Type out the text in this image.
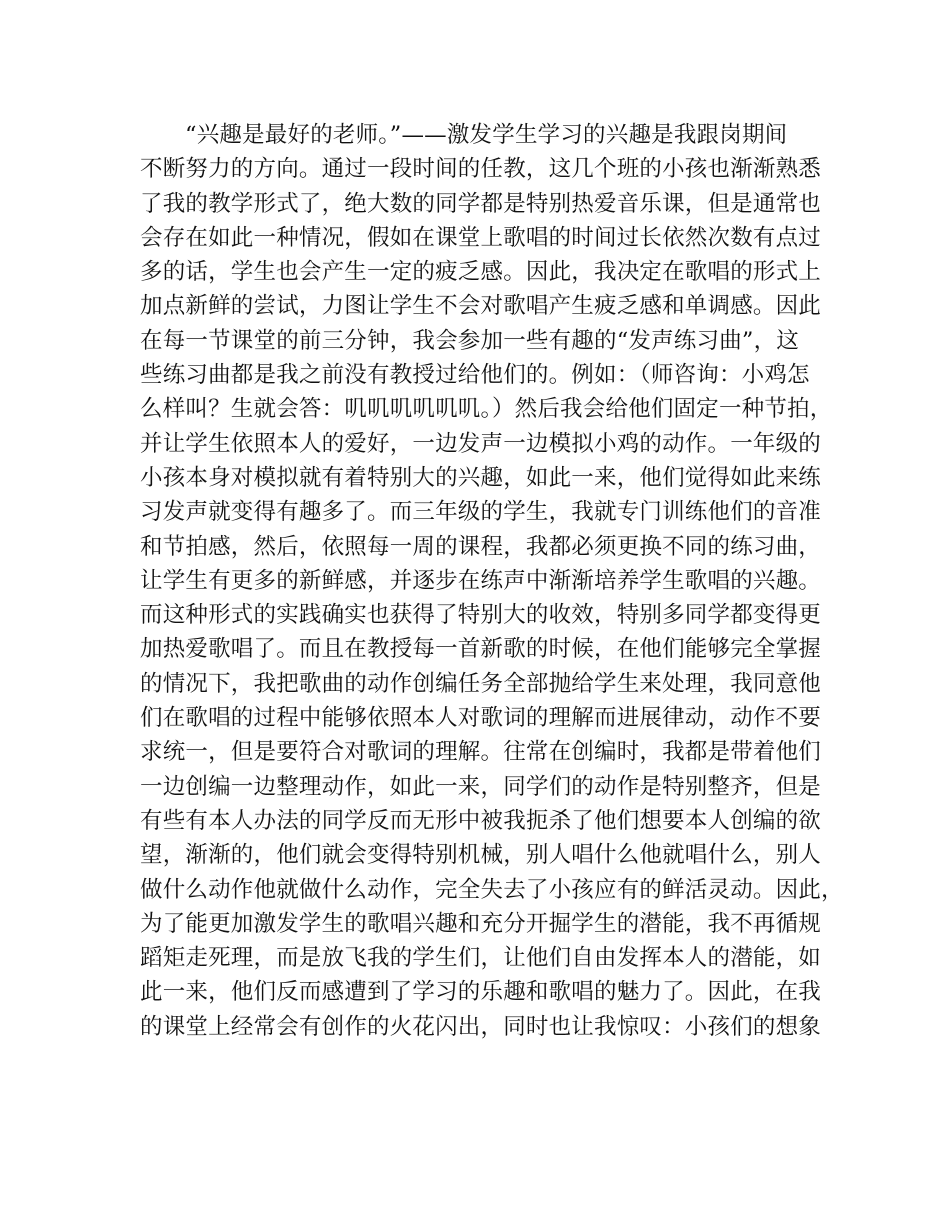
“兴趣是最好的老师。”——激发学生学习的兴趣是我跟岗期间
不断努力的方向。通过一段时间的任教，这几个班的小孩也渐渐熟悉
了我的教学形式了，绝大数的同学都是特别热爱音乐课，但是通常也
会存在如此一种情况，假如在课堂上歌唱的时间过长依然次数有点过
多的话，学生也会产生一定的疲乏感。因此，我决定在歌唱的形式上
加点新鲜的尝试，力图让学生不会对歌唱产生疲乏感和单调感。因此
在每一节课堂的前三分钟，我会参加一些有趣的“发声练习曲”，这
些练习曲都是我之前没有教授过给他们的。例如：（师咨询：小鸡怎
么样叫？生就会答：叽叽叽叽叽叽。）然后我会给他们固定一种节拍，
并让学生依照本人的爱好，一边发声一边模拟小鸡的动作。一年级的
小孩本身对模拟就有着特别大的兴趣，如此一来，他们觉得如此来练
习发声就变得有趣多了。而三年级的学生，我就专门训练他们的音准
和节拍感，然后，依照每一周的课程，我都必须更换不同的练习曲，
让学生有更多的新鲜感，并逐步在练声中渐渐培养学生歌唱的兴趣。
而这种形式的实践确实也获得了特别大的收效，特别多同学都变得更
加热爱歌唱了。而且在教授每一首新歌的时候，在他们能够完全掌握
的情况下，我把歌曲的动作创编任务全部抛给学生来处理，我同意他
们在歌唱的过程中能够依照本人对歌词的理解而进展律动，动作不要
求统一，但是要符合对歌词的理解。往常在创编时，我都是带着他们
一边创编一边整理动作，如此一来，同学们的动作是特别整齐，但是
有些有本人办法的同学反而无形中被我扼杀了他们想要本人创编的欲
望，渐渐的，他们就会变得特别机械，别人唱什么他就唱什么，别人
做什么动作他就做什么动作，完全失去了小孩应有的鲜活灵动。因此，
为了能更加激发学生的歌唱兴趣和充分开掘学生的潜能，我不再循规
蹈矩走死理，而是放飞我的学生们，让他们自由发挥本人的潜能，如
此一来，他们反而感遭到了学习的乐趣和歌唱的魅力了。因此，在我
的课堂上经常会有创作的火花闪出，同时也让我惊叹：小孩们的想象
